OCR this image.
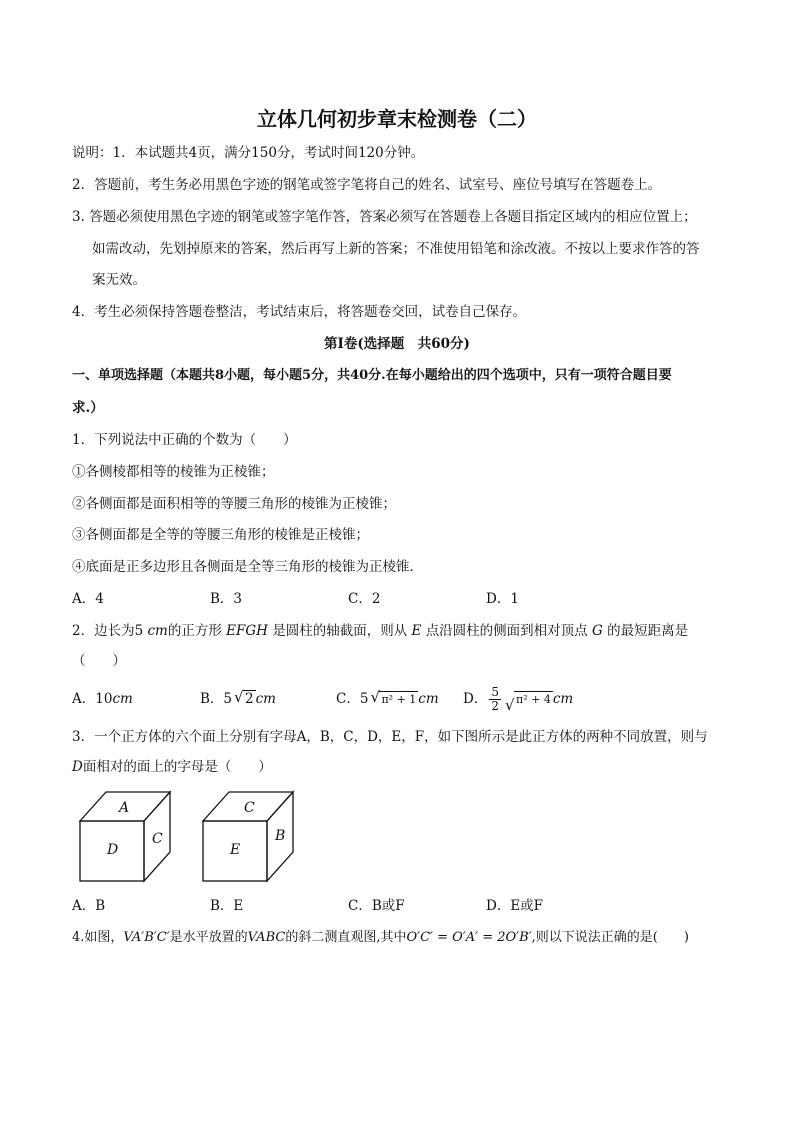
立体几何初步章末检测卷（二）
说明：1．本试题共4页，满分150分，考试时间120分钟。
2．答题前，考生务必用黑色字迹的钢笔或签字笔将自己的姓名、试室号、座位号填写在答题卷上。
3. 答题必须使用黑色字迹的钢笔或签字笔作答，答案必须写在答题卷上各题目指定区域内的相应位置上；
如需改动，先划掉原来的答案，然后再写上新的答案；不准使用铅笔和涂改液。不按以上要求作答的答
案无效。
4．考生必须保持答题卷整洁，考试结束后，将答题卷交回，试卷自己保存。
第Ⅰ卷(选择题　共60分)
一、单项选择题（本题共8小题，每小题5分，共40分.在每小题给出的四个选项中，只有一项符合题目要
求.）
1．下列说法中正确的个数为（　　）
①各侧棱都相等的棱锥为正棱锥；
②各侧面都是面积相等的等腰三角形的棱锥为正棱锥；
③各侧面都是全等的等腰三角形的棱锥是正棱锥；
④底面是正多边形且各侧面是全等三角形的棱锥为正棱锥．
A．4	B．3	C．2	D．1
2．边长为5 cm的正方形 EFGH 是圆柱的轴截面，则从 E 点沿圆柱的侧面到相对顶点 G 的最短距离是
（　　）
A．10cm	B．5 √ 2 cm	C．5 √ π² + 1 cm D． $\frac{5}{2}$ √ π² + 4 cm
3．一个正方体的六个面上分别有字母A，B，C，D，E，F，如下图所示是此正方体的两种不同放置，则与
D面相对的面上的字母是（　　）
A
D
C
C
E
B
A．B	B．E	C．B或F	D．E或F
4.如图，VA′B′C′是水平放置的VABC的斜二测直观图,其中O′C′ = O′A′ = 2O′B′,则以下说法正确的是(　　)
